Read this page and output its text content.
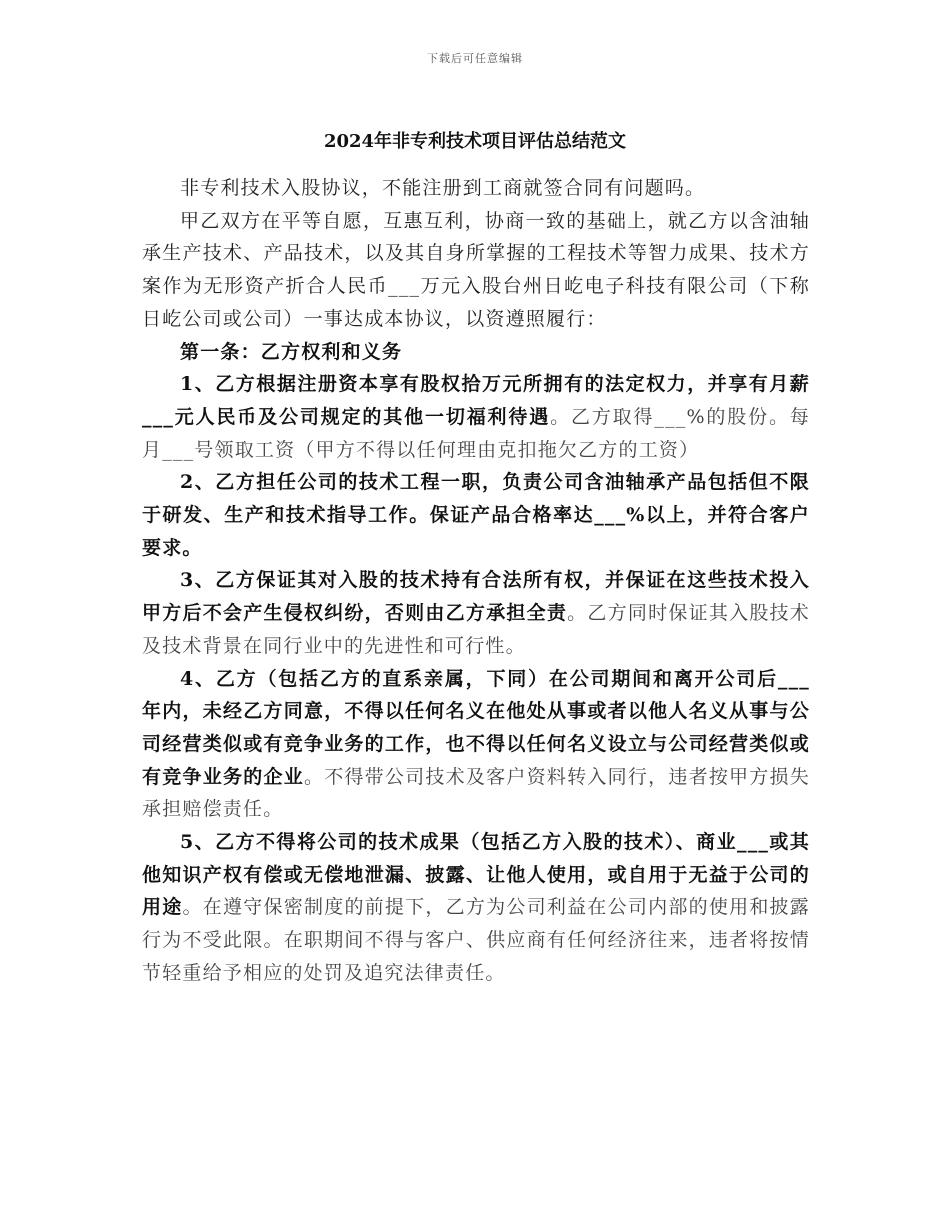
下载后可任意编辑
2024年非专利技术项目评估总结范文

非专利技术入股协议，不能注册到工商就签合同有问题吗。

甲乙双方在平等自愿，互惠互利，协商一致的基础上，就乙方以含油轴承生产技术、产品技术，以及其自身所掌握的工程技术等智力成果、技术方案作为无形资产折合人民币___万元入股台州日屹电子科技有限公司（下称日屹公司或公司）一事达成本协议，以资遵照履行：

第一条：乙方权利和义务

1、乙方根据注册资本享有股权拾万元所拥有的法定权力，并享有月薪___元人民币及公司规定的其他一切福利待遇。乙方取得___%的股份。每月___号领取工资（甲方不得以任何理由克扣拖欠乙方的工资）

2、乙方担任公司的技术工程一职，负责公司含油轴承产品包括但不限于研发、生产和技术指导工作。保证产品合格率达___%以上，并符合客户要求。

3、乙方保证其对入股的技术持有合法所有权，并保证在这些技术投入甲方后不会产生侵权纠纷，否则由乙方承担全责。乙方同时保证其入股技术及技术背景在同行业中的先进性和可行性。

4、乙方（包括乙方的直系亲属，下同）在公司期间和离开公司后___年内，未经乙方同意，不得以任何名义在他处从事或者以他人名义从事与公司经营类似或有竞争业务的工作，也不得以任何名义设立与公司经营类似或有竞争业务的企业。不得带公司技术及客户资料转入同行，违者按甲方损失承担赔偿责任。

5、乙方不得将公司的技术成果（包括乙方入股的技术）、商业___或其他知识产权有偿或无偿地泄漏、披露、让他人使用，或自用于无益于公司的用途。在遵守保密制度的前提下，乙方为公司利益在公司内部的使用和披露行为不受此限。在职期间不得与客户、供应商有任何经济往来，违者将按情节轻重给予相应的处罚及追究法律责任。
